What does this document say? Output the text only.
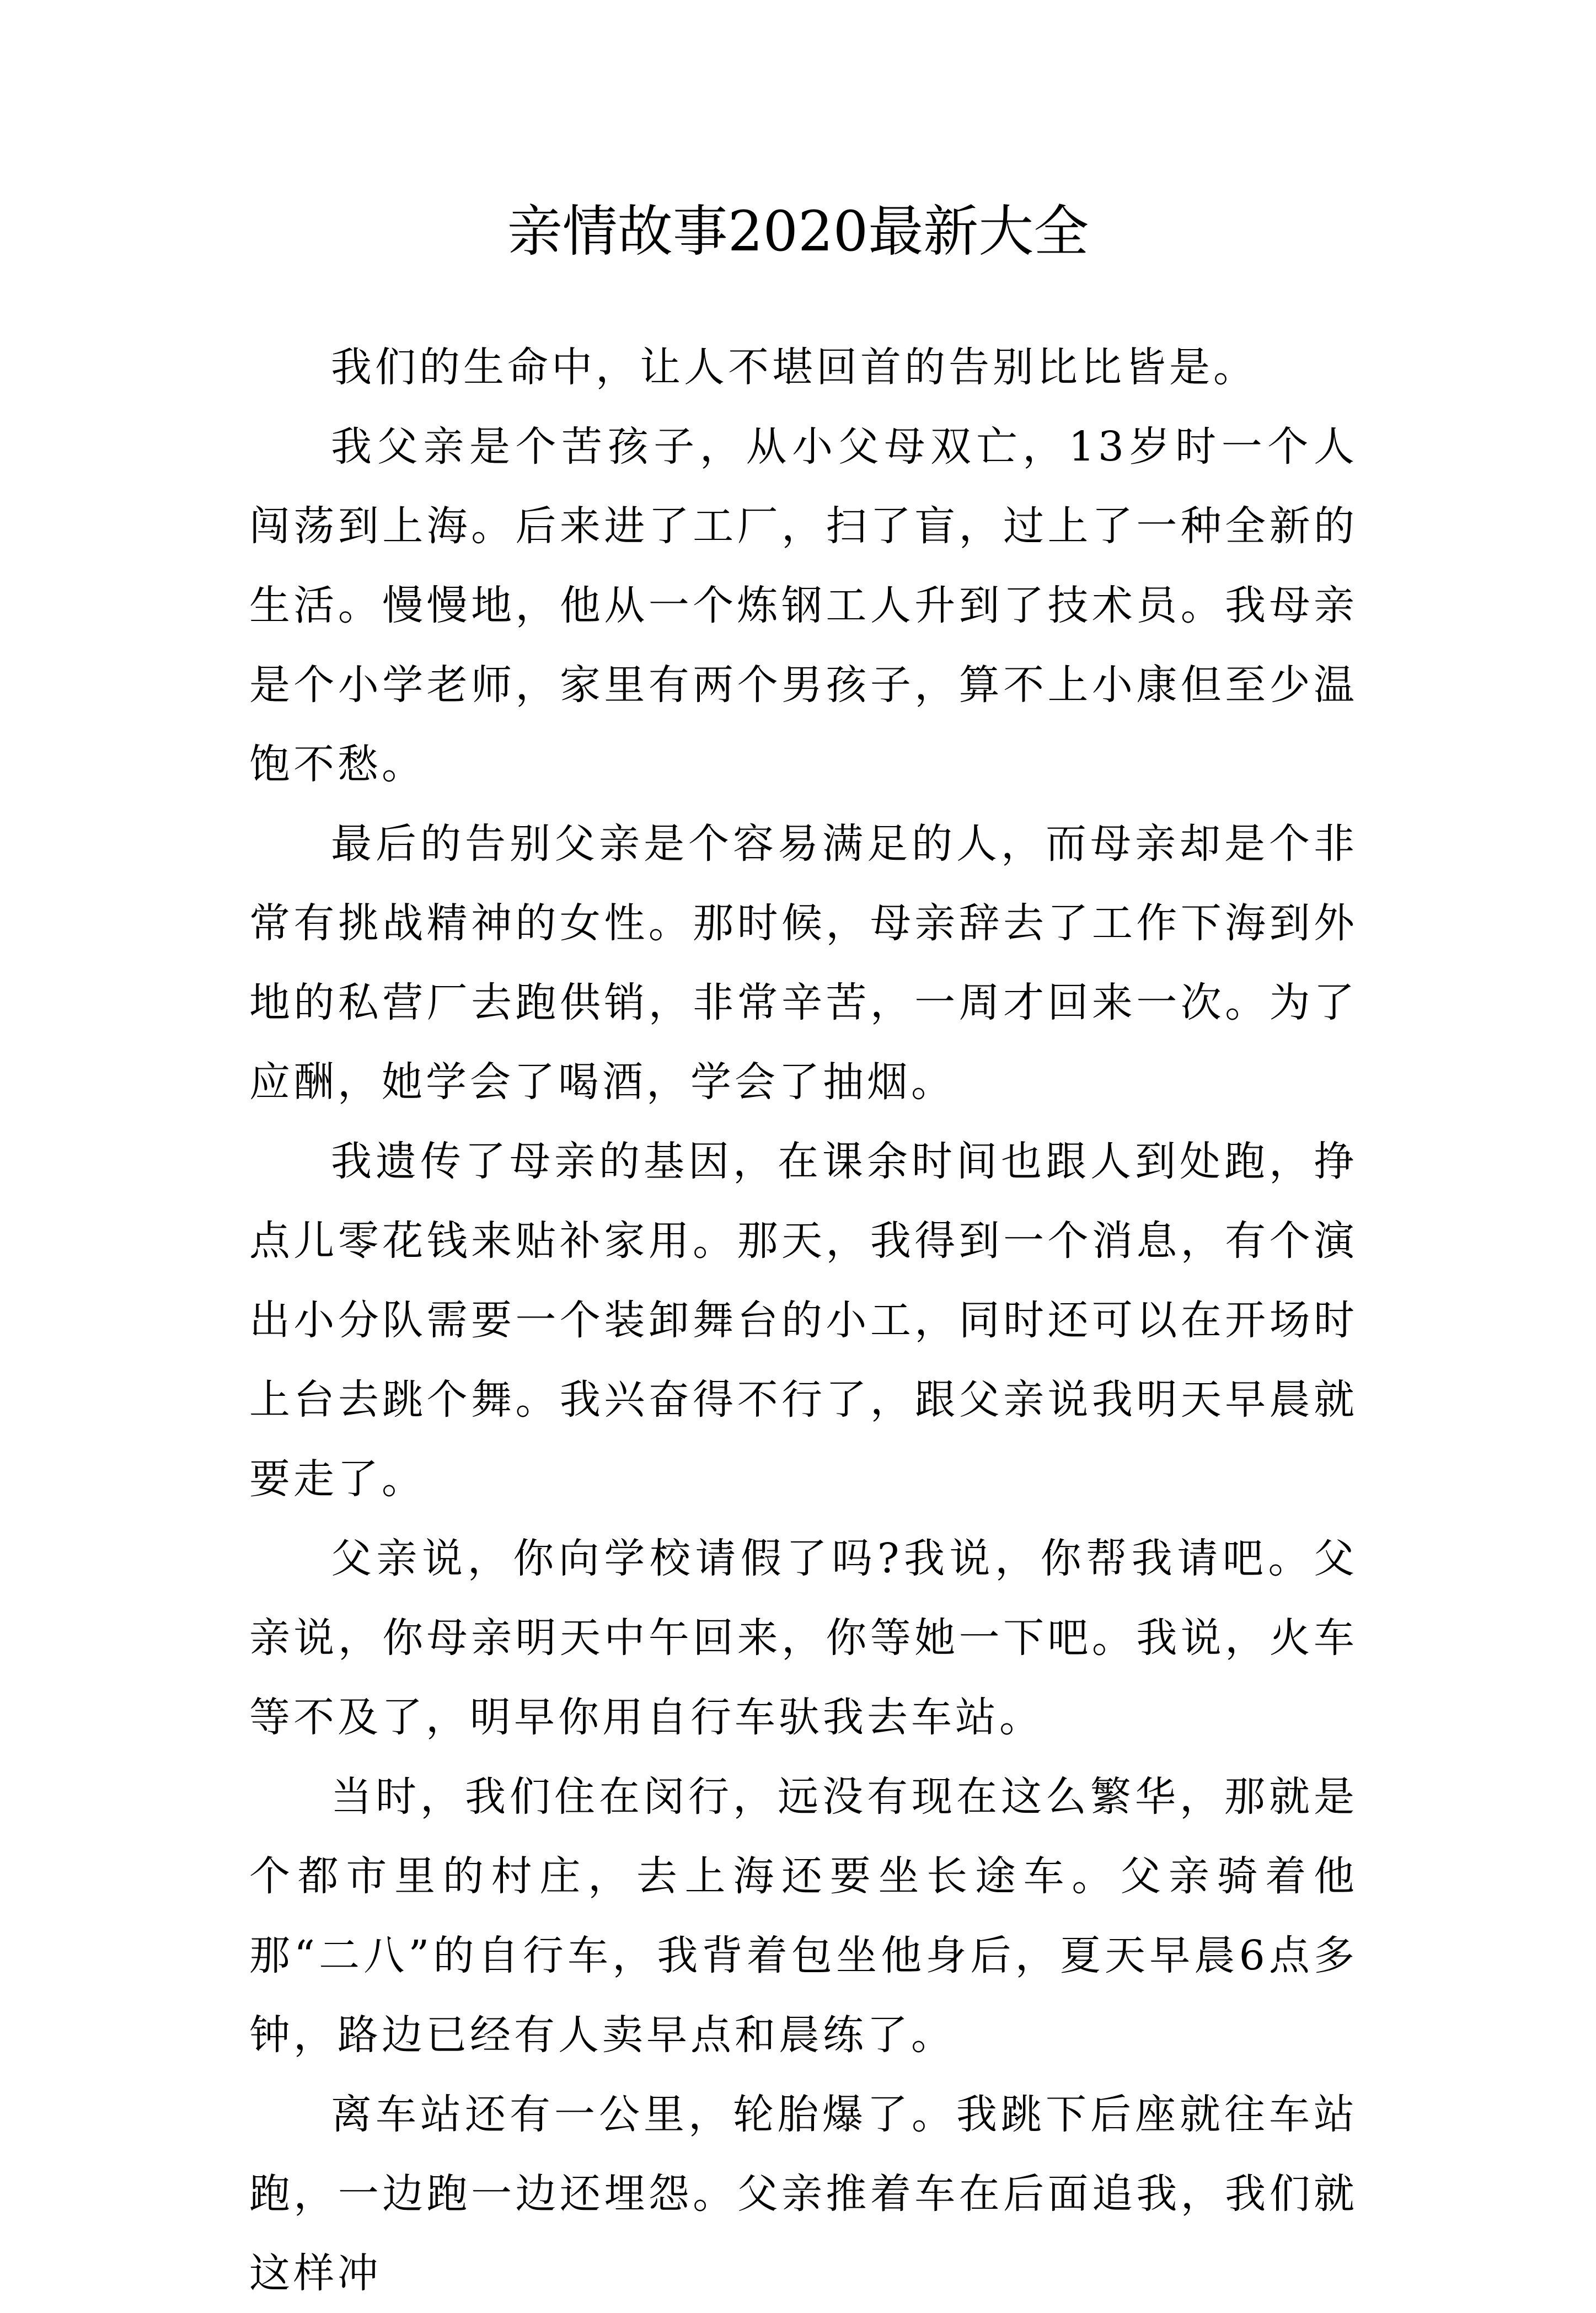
亲情故事2020最新大全

我们的生命中，让人不堪回首的告别比比皆是。

我父亲是个苦孩子，从小父母双亡，13岁时一个人闯荡到上海。后来进了工厂，扫了盲，过上了一种全新的生活。慢慢地，他从一个炼钢工人升到了技术员。我母亲是个小学老师，家里有两个男孩子，算不上小康但至少温饱不愁。

最后的告别父亲是个容易满足的人，而母亲却是个非常有挑战精神的女性。那时候，母亲辞去了工作下海到外地的私营厂去跑供销，非常辛苦，一周才回来一次。为了应酬，她学会了喝酒，学会了抽烟。

我遗传了母亲的基因，在课余时间也跟人到处跑，挣点儿零花钱来贴补家用。那天，我得到一个消息，有个演出小分队需要一个装卸舞台的小工，同时还可以在开场时上台去跳个舞。我兴奋得不行了，跟父亲说我明天早晨就要走了。

父亲说，你向学校请假了吗?我说，你帮我请吧。父亲说，你母亲明天中午回来，你等她一下吧。我说，火车等不及了，明早你用自行车驮我去车站。

当时，我们住在闵行，远没有现在这么繁华，那就是个都市里的村庄，去上海还要坐长途车。父亲骑着他那“二八”的自行车，我背着包坐他身后，夏天早晨6点多钟，路边已经有人卖早点和晨练了。

离车站还有一公里，轮胎爆了。我跳下后座就往车站跑，一边跑一边还埋怨。父亲推着车在后面追我，我们就这样冲
